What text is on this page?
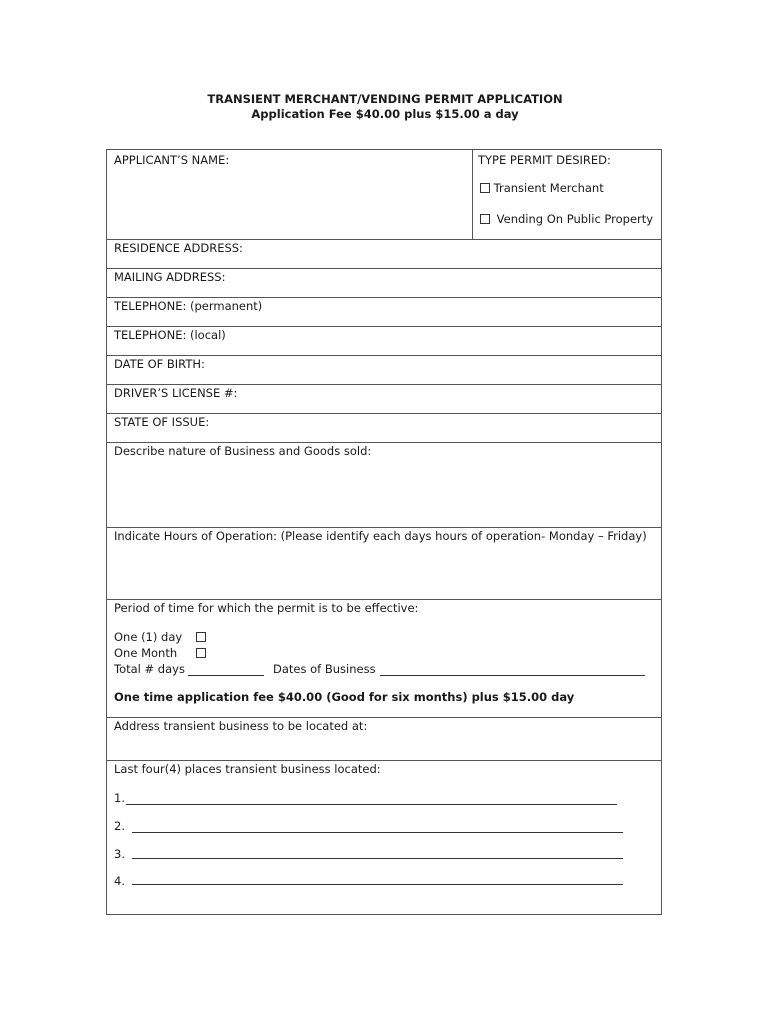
TRANSIENT MERCHANT/VENDING PERMIT APPLICATION
Application Fee $40.00 plus $15.00 a day
APPLICANT’S NAME:	TYPE PERMIT DESIRED:
Transient Merchant
Vending On Public Property
RESIDENCE ADDRESS:
MAILING ADDRESS:
TELEPHONE: (permanent)
TELEPHONE: (local)
DATE OF BIRTH:
DRIVER’S LICENSE #:
STATE OF ISSUE:
Describe nature of Business and Goods sold:
Indicate Hours of Operation: (Please identify each days hours of operation- Monday – Friday)
Period of time for which the permit is to be effective:
One (1) day
One Month
Total # days	Dates of Business
One time application fee $40.00 (Good for six months) plus $15.00 day
Address transient business to be located at:
Last four(4) places transient business located:
1.
2.
3.
4.
